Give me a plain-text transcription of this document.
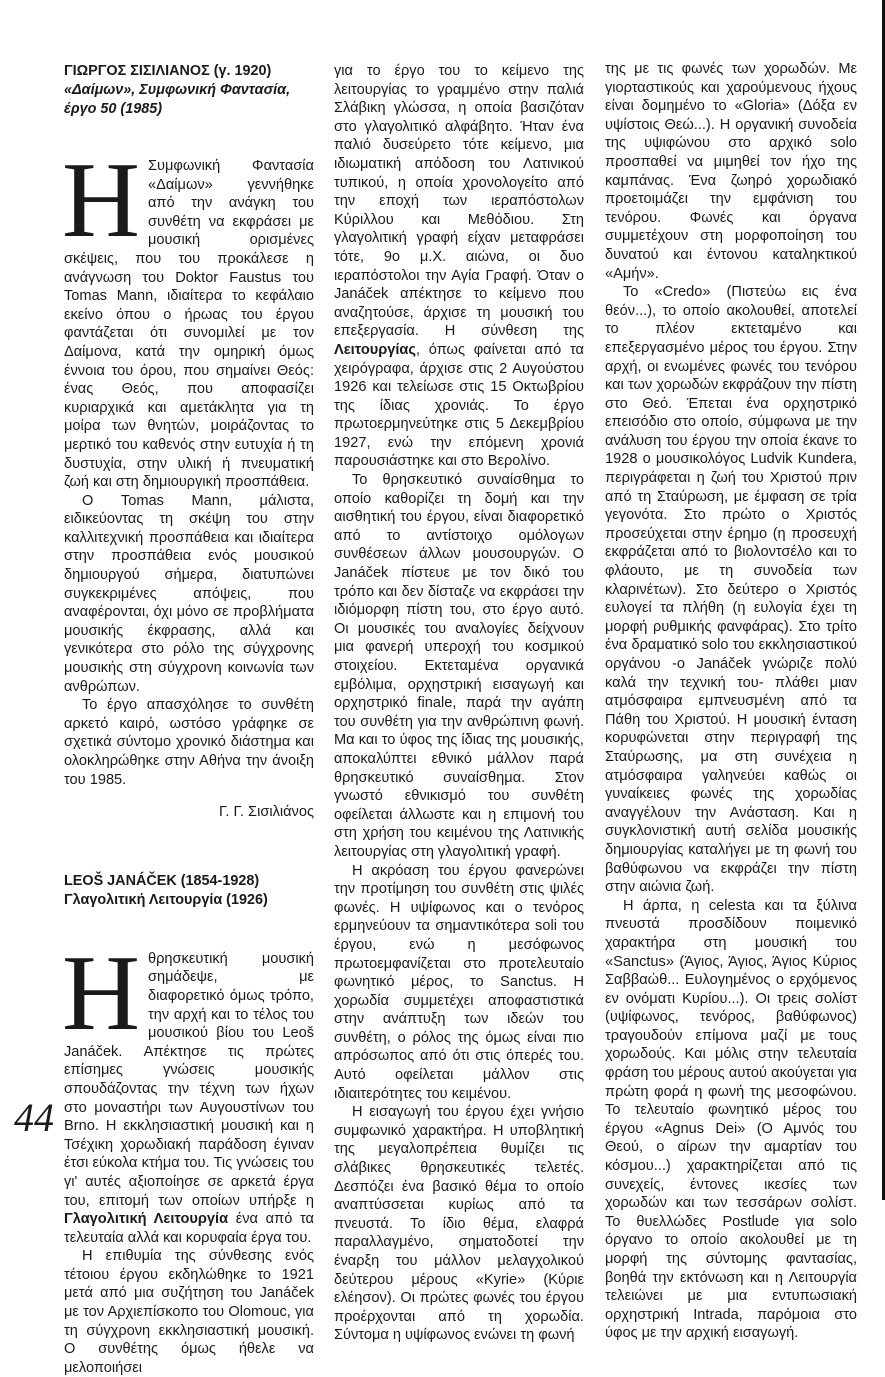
ΓΙΩΡΓΟΣ ΣΙΣΙΛΙΑΝΟΣ (γ. 1920)
«Δαίμων», Συμφωνική Φαντασία,
έργο 50 (1985)

Η Συμφωνική Φαντασία «Δαίμων» γεννήθηκε από την ανάγκη του συνθέτη να εκφράσει με μουσική ορισμένες σκέψεις, που του προκάλεσε η ανάγνωση του Doktor Faustus του Tomas Mann, ιδιαίτερα το κεφάλαιο εκείνο όπου ο ήρωας του έργου φαντάζεται ότι συνομιλεί με τον Δαίμονα, κατά την ομηρική όμως έννοια του όρου, που σημαίνει Θεός: ένας Θεός, που αποφασίζει κυριαρχικά και αμετάκλητα για τη μοίρα των θνητών, μοιράζοντας το μερτικό του καθενός στην ευτυχία ή τη δυστυχία, στην υλική ή πνευματική ζωή και στη δημιουργική προσπάθεια.

Ο Tomas Mann, μάλιστα, ειδικεύοντας τη σκέψη του στην καλλιτεχνική προσπάθεια και ιδιαίτερα στην προσπάθεια ενός μουσικού δημιουργού σήμερα, διατυπώνει συγκεκριμένες απόψεις, που αναφέρονται, όχι μόνο σε προβλήματα μουσικής έκφρασης, αλλά και γενικότερα στο ρόλο της σύγχρονης μουσικής στη σύγχρονη κοινωνία των ανθρώπων.

Το έργο απασχόλησε το συνθέτη αρκετό καιρό, ωστόσο γράφηκε σε σχετικά σύντομο χρονικό διάστημα και ολοκληρώθηκε στην Αθήνα την άνοιξη του 1985.

Γ. Γ. Σισιλιάνος

LEOŠ JANÁČEK (1854-1928)
Γλαγολιτική Λειτουργία (1926)

Ηθρησκευτική μουσική σημάδεψε, με διαφορετικό όμως τρόπο, την αρχή και το τέλος του μουσικού βίου του Leoš Janáček. Απέκτησε τις πρώτες επίσημες γνώσεις μουσικής σπουδάζοντας την τέχνη των ήχων στο μοναστήρι των Αυγουστίνων του Brno. Η εκκλησιαστική μουσική και η Τσέχικη χορωδιακή παράδοση έγιναν έτσι εύκολα κτήμα του. Τις γνώσεις του γι' αυτές αξιοποίησε σε αρκετά έργα του, επιτομή των οποίων υπήρξε η Γλαγολιτική Λειτουργία ένα από τα τελευταία αλλά και κορυφαία έργα του.

Η επιθυμία της σύνθεσης ενός τέτοιου έργου εκδηλώθηκε το 1921 μετά από μια συζήτηση του Janáček με τον Αρχιεπίσκοπο του Olomouc, για τη σύγχρονη εκκλησιαστική μουσική. Ο συνθέτης όμως ήθελε να μελοποιήσει

για το έργο του το κείμενο της λειτουργίας το γραμμένο στην παλιά Σλάβικη γλώσσα, η οποία βασιζόταν στο γλαγολιτικό αλφάβητο. Ήταν ένα παλιό δυσεύρετο τότε κείμενο, μια ιδιωματική απόδοση του Λατινικού τυπικού, η οποία χρονολογείτο από την εποχή των ιεραπόστολων Κύριλλου και Μεθόδιου. Στη γλαγολιτική γραφή είχαν μεταφράσει τότε, 9ο μ.Χ. αιώνα, οι δυο ιεραπόστολοι την Αγία Γραφή. Όταν ο Janáček απέκτησε το κείμενο που αναζητούσε, άρχισε τη μουσική του επεξεργασία. Η σύνθεση της Λειτουργίας, όπως φαίνεται από τα χειρόγραφα, άρχισε στις 2 Αυγούστου 1926 και τελείωσε στις 15 Οκτωβρίου της ίδιας χρονιάς. Το έργο πρωτοερμηνεύτηκε στις 5 Δεκεμβρίου 1927, ενώ την επόμενη χρονιά παρουσιάστηκε και στο Βερολίνο.

Το θρησκευτικό συναίσθημα το οποίο καθορίζει τη δομή και την αισθητική του έργου, είναι διαφορετικό από το αντίστοιχο ομόλογων συνθέσεων άλλων μουσουργών. Ο Janáček πίστευε με τον δικό του τρόπο και δεν δίσταζε να εκφράσει την ιδιόμορφη πίστη του, στο έργο αυτό. Οι μουσικές του αναλογίες δείχνουν μια φανερή υπεροχή του κοσμικού στοιχείου. Εκτεταμένα οργανικά εμβόλιμα, ορχηστρική εισαγωγή και ορχηστρικό finale, παρά την αγάπη του συνθέτη για την ανθρώπινη φωνή. Μα και το ύφος της ίδιας της μουσικής, αποκαλύπτει εθνικό μάλλον παρά θρησκευτικό συναίσθημα. Στον γνωστό εθνικισμό του συνθέτη οφείλεται άλλωστε και η επιμονή του στη χρήση του κειμένου της Λατινικής λειτουργίας στη γλαγολιτική γραφή.

Η ακρόαση του έργου φανερώνει την προτίμηση του συνθέτη στις ψιλές φωνές. Η υψίφωνος και ο τενόρος ερμηνεύουν τα σημαντικότερα soli του έργου, ενώ η μεσόφωνος πρωτοεμφανίζεται στο προτελευταίο φωνητικό μέρος, το Sanctus. Η χορωδία συμμετέχει αποφαστιστικά στην ανάπτυξη των ιδεών του συνθέτη, ο ρόλος της όμως είναι πιο απρόσωπος από ότι στις όπερές του. Αυτό οφείλεται μάλλον στις ιδιαιτερότητες του κειμένου.

Η εισαγωγή του έργου έχει γνήσιο συμφωνικό χαρακτήρα. Η υποβλητική της μεγαλοπρέπεια θυμίζει τις σλάβικες θρησκευτικές τελετές. Δεσπόζει ένα βασικό θέμα το οποίο αναπτύσσεται κυρίως από τα πνευστά. Το ίδιο θέμα, ελαφρά παραλλαγμένο, σηματοδοτεί την έναρξη του μάλλον μελαγχολικού δεύτερου μέρους «Kyrie» (Κύριε ελέησον). Οι πρώτες φωνές του έργου προέρχονται από τη χορωδία. Σύντομα η υψίφωνος ενώνει τη φωνή

της με τις φωνές των χορωδών. Με γιορταστικούς και χαρούμενους ήχους είναι δομημένο το «Gloria» (Δόξα εν υψίστοις Θεώ...). Η οργανική συνοδεία της υψιφώνου στο αρχικό solo προσπαθεί να μιμηθεί τον ήχο της καμπάνας. Ένα ζωηρό χορωδιακό προετοιμάζει την εμφάνιση του τενόρου. Φωνές και όργανα συμμετέχουν στη μορφοποίηση του δυνατού και έντονου καταληκτικού «Αμήν».

Το «Credo» (Πιστεύω εις ένα θεόν...), το οποίο ακολουθεί, αποτελεί το πλέον εκτεταμένο και επεξεργασμένο μέρος του έργου. Στην αρχή, οι ενωμένες φωνές του τενόρου και των χορωδών εκφράζουν την πίστη στο Θεό. Έπεται ένα ορχηστρικό επεισόδιο στο οποίο, σύμφωνα με την ανάλυση του έργου την οποία έκανε το 1928 ο μουσικολόγος Ludvik Kundera, περιγράφεται η ζωή του Χριστού πριν από τη Σταύρωση, με έμφαση σε τρία γεγονότα. Στο πρώτο ο Χριστός προσεύχεται στην έρημο (η προσευχή εκφράζεται από το βιολοντσέλο και το φλάουτο, με τη συνοδεία των κλαρινέτων). Στο δεύτερο ο Χριστός ευλογεί τα πλήθη (η ευλογία έχει τη μορφή ρυθμικής φανφάρας). Στο τρίτο ένα δραματικό solo του εκκλησιαστικού οργάνου -ο Janáček γνώριζε πολύ καλά την τεχνική του- πλάθει μιαν ατμόσφαιρα εμπνευσμένη από τα Πάθη του Χριστού. Η μουσική ένταση κορυφώνεται στην περιγραφή της Σταύρωσης, μα στη συνέχεια η ατμόσφαιρα γαληνεύει καθώς οι γυναίκειες φωνές της χορωδίας αναγγέλουν την Ανάσταση. Και η συγκλονιστική αυτή σελίδα μουσικής δημιουργίας καταλήγει με τη φωνή του βαθύφωνου να εκφράζει την πίστη στην αιώνια ζωή.

Η άρπα, η celesta και τα ξύλινα πνευστά προσδίδουν ποιμενικό χαρακτήρα στη μουσική του «Sanctus» (Άγιος, Άγιος, Άγιος Κύριος Σαββαώθ... Ευλογημένος ο ερχόμενος εν ονόματι Κυρίου...). Οι τρεις σολίστ (υψίφωνος, τενόρος, βαθύφωνος) τραγουδούν επίμονα μαζί με τους χορωδούς. Και μόλις στην τελευταία φράση του μέρους αυτού ακούγεται για πρώτη φορά η φωνή της μεσοφώνου. Το τελευταίο φωνητικό μέρος του έργου «Agnus Dei» (Ο Αμνός του Θεού, ο αίρων την αμαρτίαν του κόσμου...) χαρακτηρίζεται από τις συνεχείς, έντονες ικεσίες των χορωδών και των τεσσάρων σολίστ. Το θυελλώδες Postlude για solo όργανο το οποίο ακολουθεί με τη μορφή της σύντομης φαντασίας, βοηθά την εκτόνωση και η Λειτουργία τελειώνει με μια εντυπωσιακή ορχηστρική Intrada, παρόμοια στο ύφος με την αρχική εισαγωγή.

44
